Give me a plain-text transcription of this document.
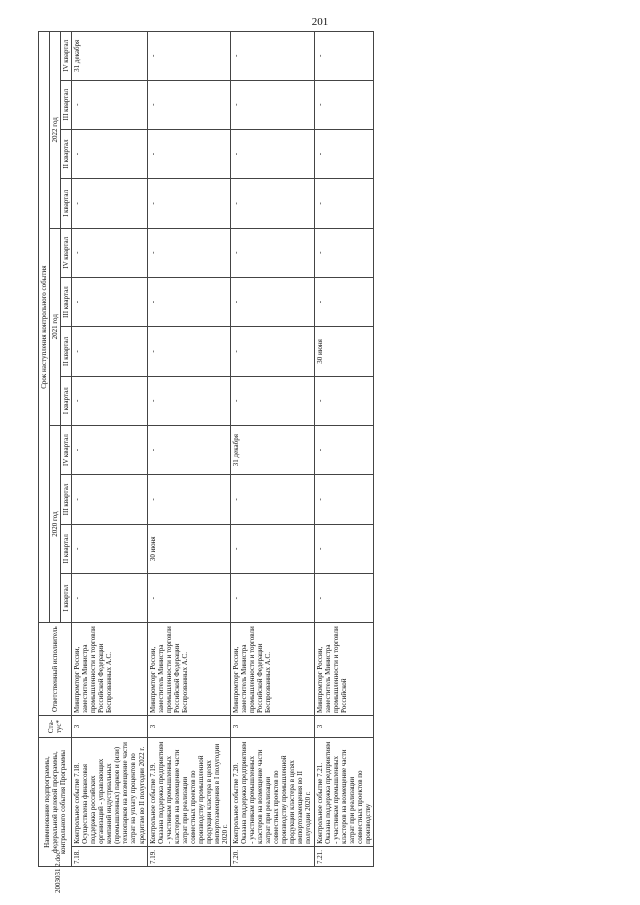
201
Наименование подпрограммы, федеральной целевой программы, контрольного события Программы		Ста- тус*	Ответственный исполнитель	Срок наступления контрольного события											
				2020 год				2021 год				2022 год			
				I квартал	II квартал	III квартал	IV квартал	I квартал	II квартал	III квартал	IV квартал	I квартал	II квартал	III квартал	IV квартал
7.18.	Контрольное событие 7.18. Осуществлена финансовая поддержка российских организаций - управляющих компаний индустриальных (промышленных) парков и (или) технопарков на возмещение части затрат на уплату процентов по кредитам во II полугодии 2022 г.	3	Минпромторг России, заместитель Министра промышленности и торговли Российской Федерации Беспрозванных А.С.	-	-	-	-	-	-	-	-	-	-	-	31 декабря
7.19.	Контрольное событие 7.19. Оказана поддержка предприятиям - участникам промышленных кластеров на возмещение части затрат при реализации совместных проектов по производству промышленной продукции кластера в целях импортозамещения в I полугодии 2020 г.	3	Минпромторг России, заместитель Министра промышленности и торговли Российской Федерации Беспрозванных А.С.	-	30 июня	-	-	-	-	-	-	-	-	-	-
7.20.	Контрольное событие 7.20. Оказана поддержка предприятиям - участникам промышленных кластеров на возмещение части затрат при реализации совместных проектов по производству промышленной продукции кластера в целях импортозамещения во II полугодии 2020 г.	3	Минпромторг России, заместитель Министра промышленности и торговли Российской Федерации Беспрозванных А.С.	-	-	-	31 декабря	-	-	-	-	-	-	-	-
7.21.	Контрольное событие 7.21. Оказана поддержка предприятиям - участникам промышленных кластеров на возмещение части затрат при реализации совместных проектов по производству	3	Минпромторг России, заместитель Министра промышленности и торговли Российской	-	-	-	-	-	30 июня	-	-	-	-	-	-
2003031 2.doc
